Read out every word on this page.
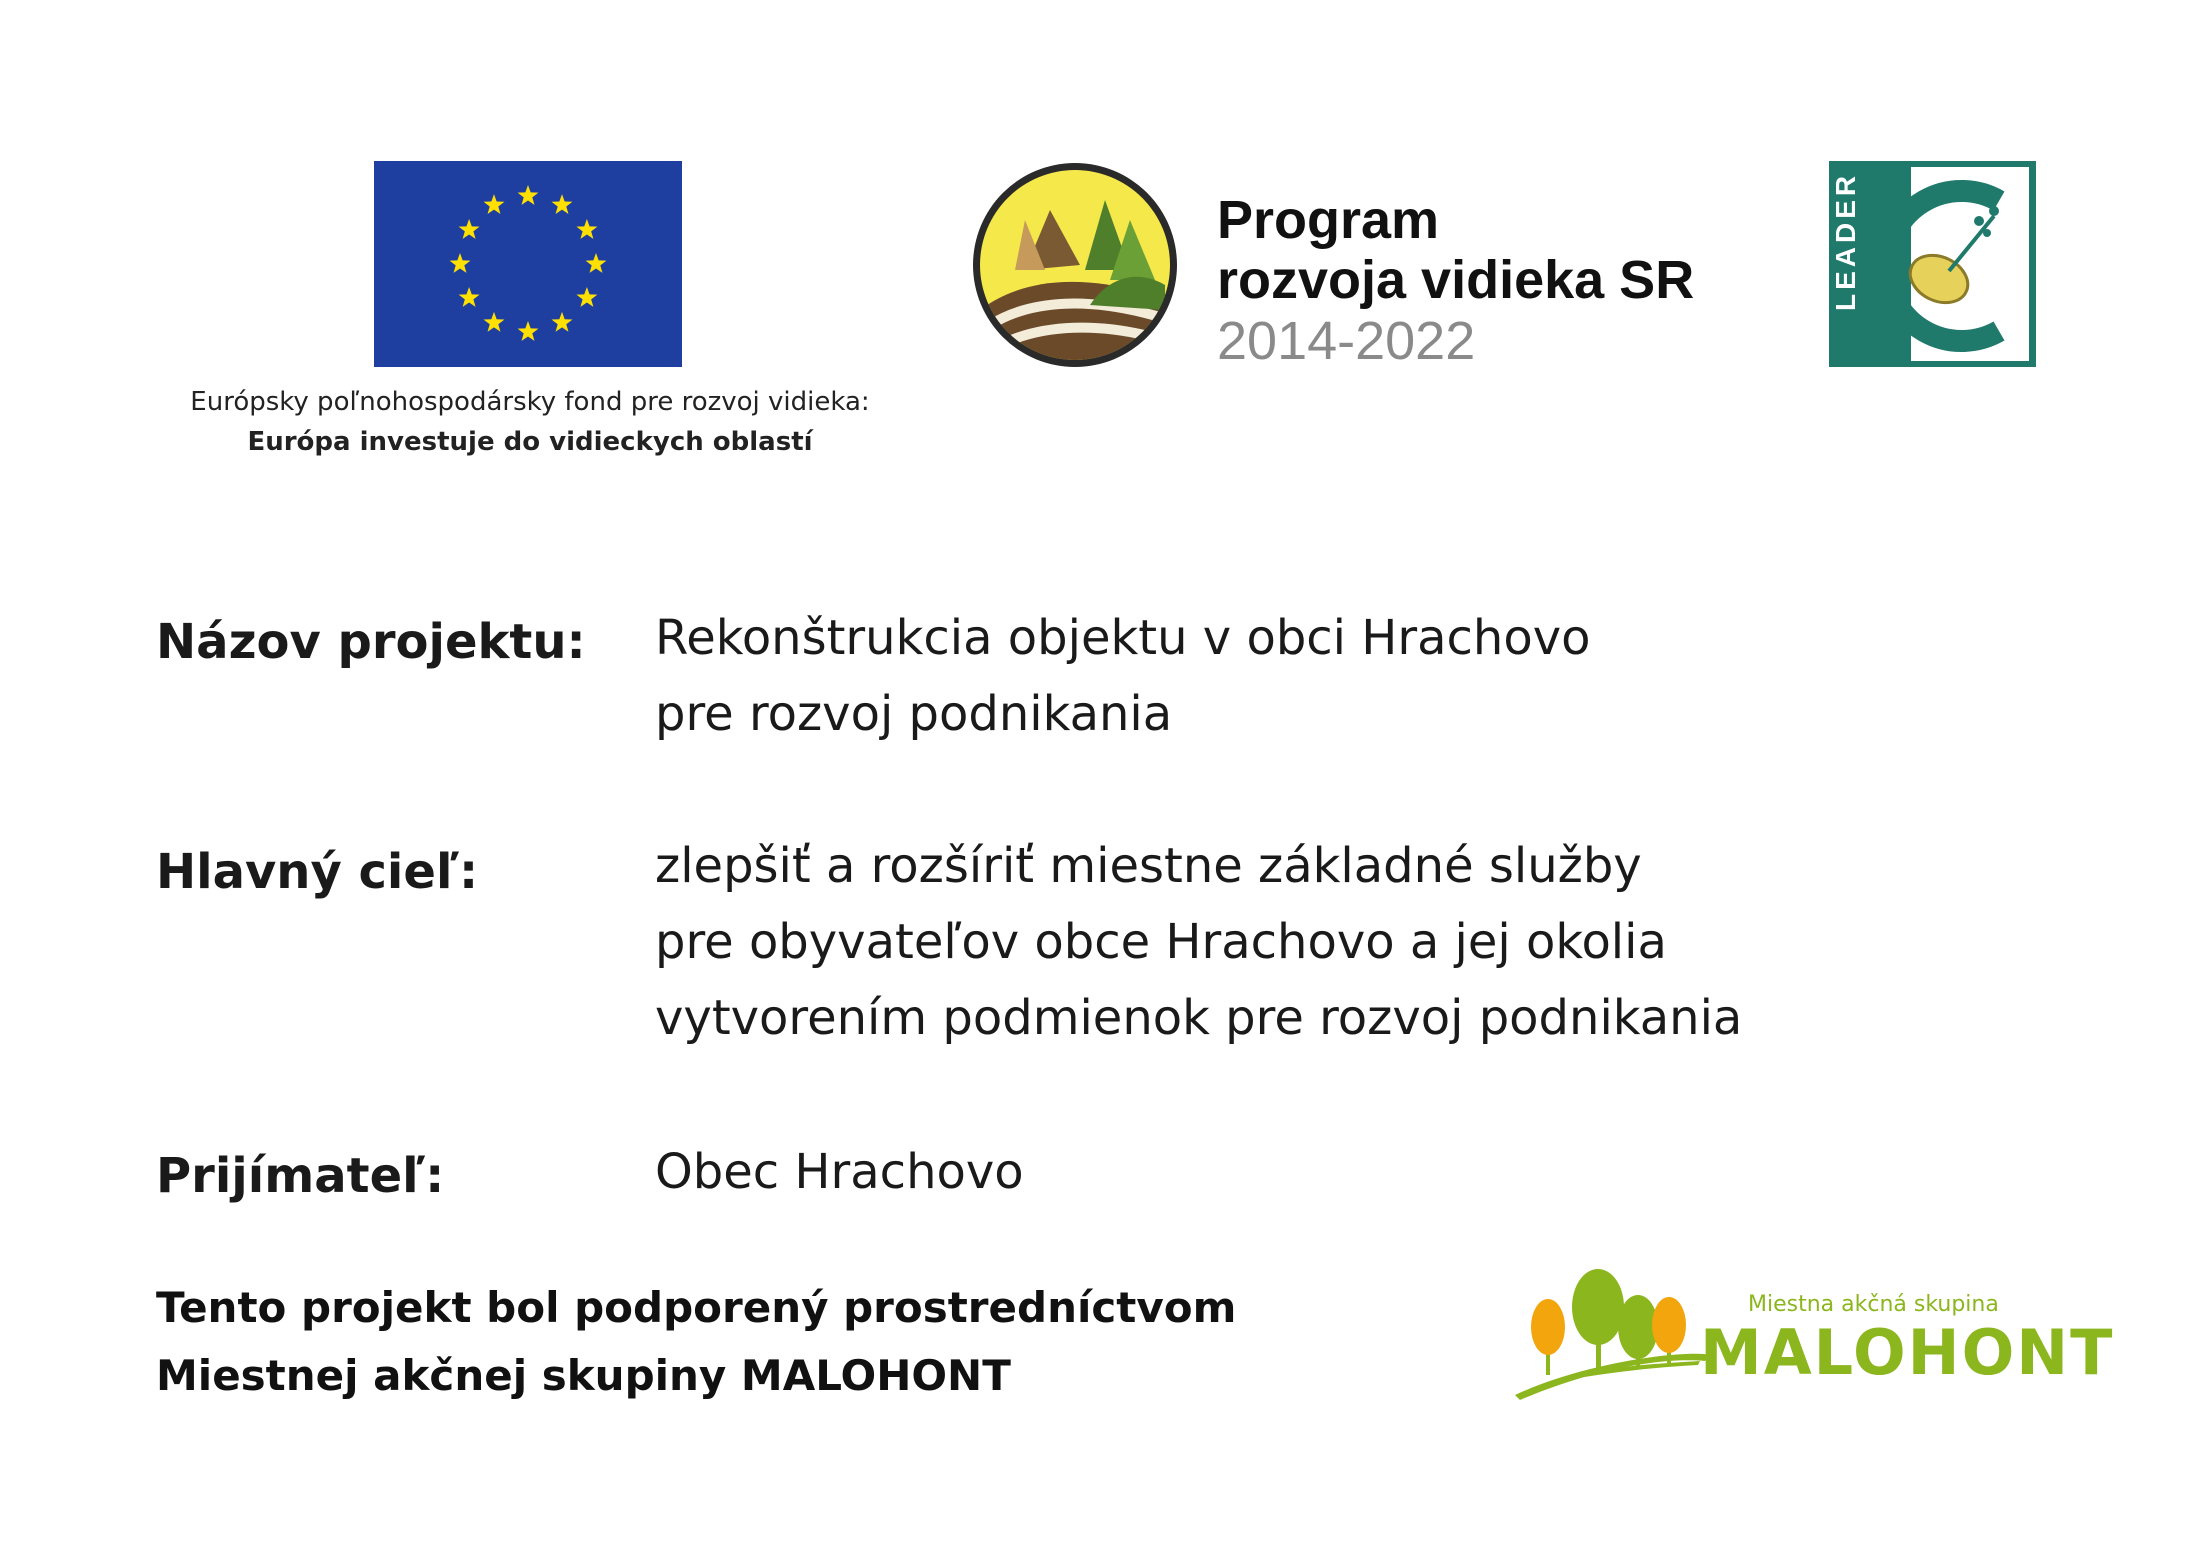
Európsky poľnohospodársky fond pre rozvoj vidieka:
Európa investuje do vidieckych oblastí
Program
rozvoja vidieka SR
2014-2022
LEADER
Názov projektu: Rekonštrukcia objektu v obci Hrachovo
pre rozvoj podnikania
Hlavný cieľ:	zlepšiť a rozšíriť miestne základné služby
pre obyvateľov obce Hrachovo a jej okolia
vytvorením podmienok pre rozvoj podnikania
Prijímateľ:	Obec Hrachovo
Tento projekt bol podporený prostredníctvom
Miestnej akčnej skupiny MALOHONT
Miestna akčná skupina
MALOHONT
